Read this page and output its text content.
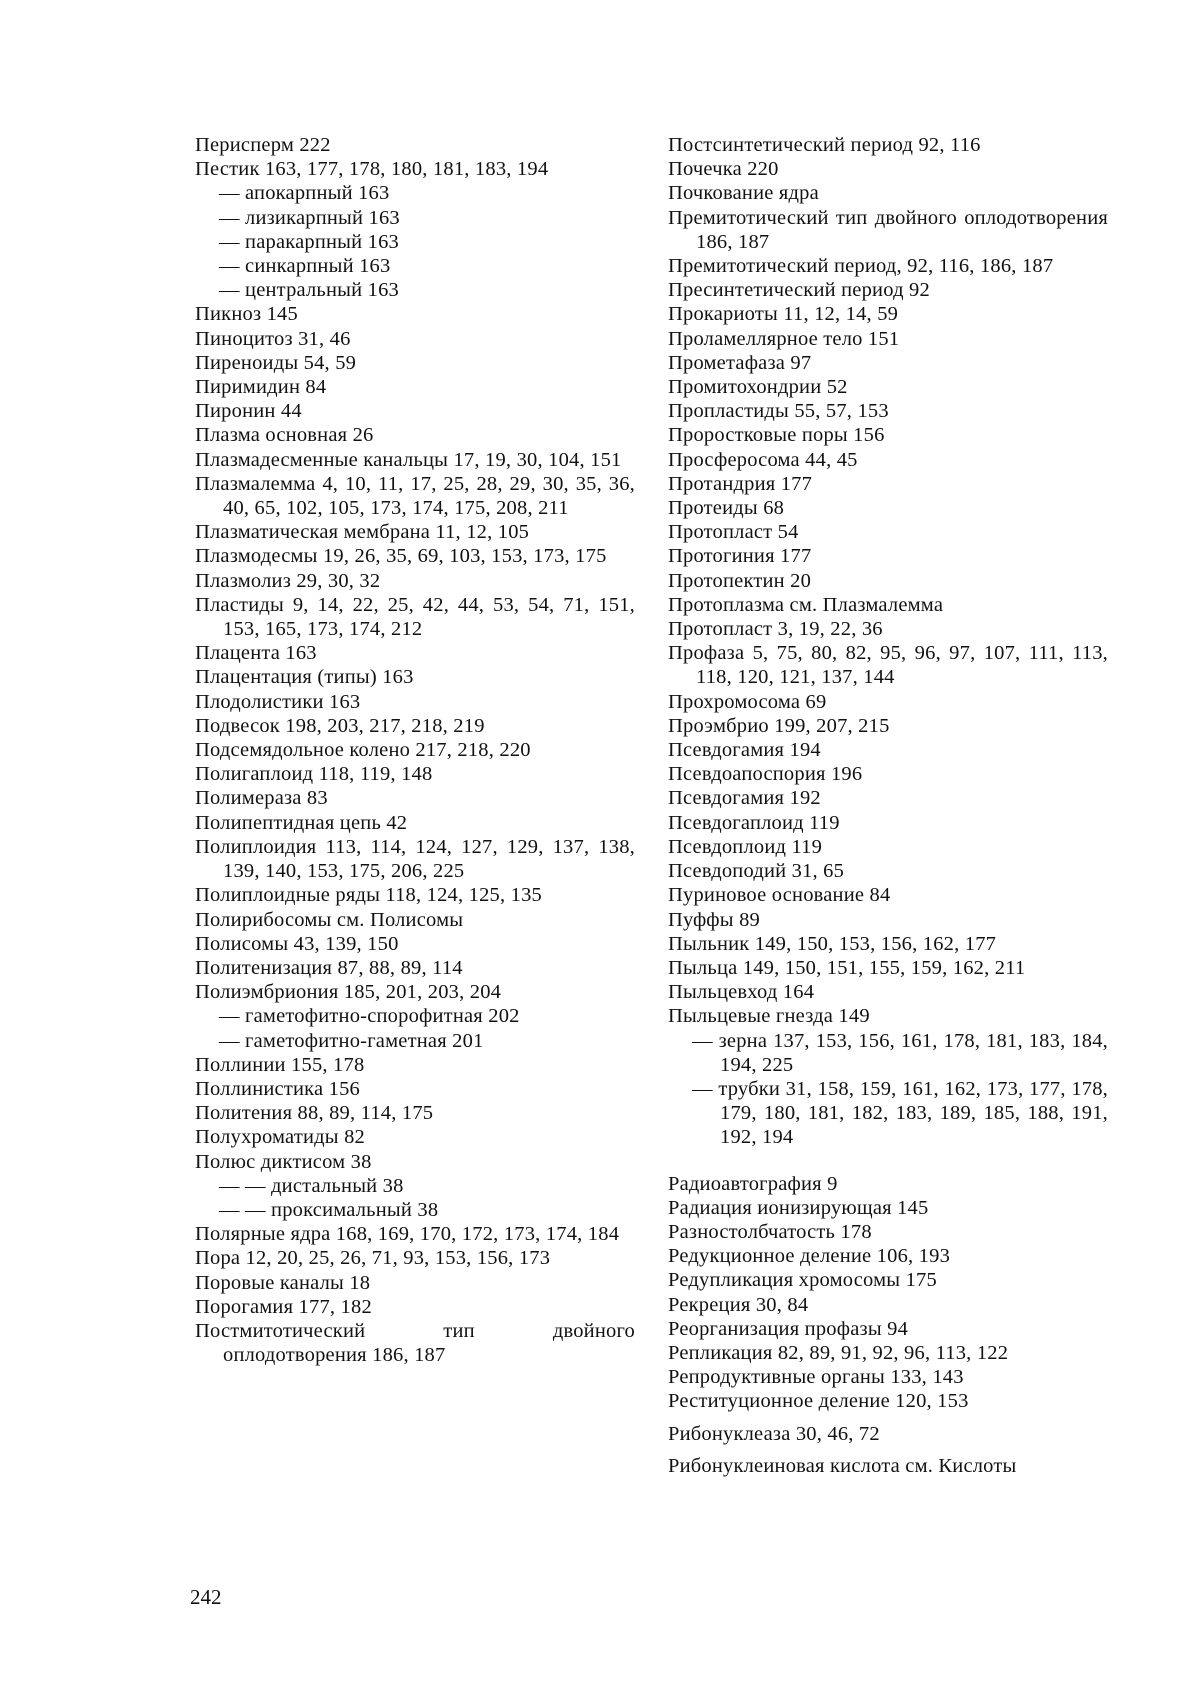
Перисперм 222
Пестик 163, 177, 178, 180, 181, 183, 194
— апокарпный 163
— лизикарпный 163
— паракарпный 163
— синкарпный 163
— центральный 163
Пикноз 145
Пиноцитоз 31, 46
Пиреноиды 54, 59
Пиримидин 84
Пиронин 44
Плазма основная 26
Плазмадесменные канальцы 17, 19, 30, 104, 151
Плазмалемма 4, 10, 11, 17, 25, 28, 29, 30, 35, 36, 40, 65, 102, 105, 173, 174, 175, 208, 211
Плазматическая мембрана 11, 12, 105
Плазмодесмы 19, 26, 35, 69, 103, 153, 173, 175
Плазмолиз 29, 30, 32
Пластиды 9, 14, 22, 25, 42, 44, 53, 54, 71, 151, 153, 165, 173, 174, 212
Плацента 163
Плацентация (типы) 163
Плодолистики 163
Подвесок 198, 203, 217, 218, 219
Подсемядольное колено 217, 218, 220
Полигаплоид 118, 119, 148
Полимераза 83
Полипептидная цепь 42
Полиплоидия 113, 114, 124, 127, 129, 137, 138, 139, 140, 153, 175, 206, 225
Полиплоидные ряды 118, 124, 125, 135
Полирибосомы см. Полисомы
Полисомы 43, 139, 150
Политенизация 87, 88, 89, 114
Полиэмбриония 185, 201, 203, 204
— гаметофитно-спорофитная 202
— гаметофитно-гаметная 201
Поллинии 155, 178
Поллинистика 156
Политения 88, 89, 114, 175
Полухроматиды 82
Полюс диктисом 38
— — дистальный 38
— — проксимальный 38
Полярные ядра 168, 169, 170, 172, 173, 174, 184
Пора 12, 20, 25, 26, 71, 93, 153, 156, 173
Поровые каналы 18
Порогамия 177, 182
Постмитотический тип двойного оплодотворения 186, 187
Постсинтетический период 92, 116
Почечка 220
Почкование ядра
Премитотический тип двойного оплодотворения 186, 187
Премитотический период, 92, 116, 186, 187
Пресинтетический период 92
Прокариоты 11, 12, 14, 59
Проламеллярное тело 151
Прометафаза 97
Промитохондрии 52
Пропластиды 55, 57, 153
Проростковые поры 156
Просферосома 44, 45
Протандрия 177
Протеиды 68
Протопласт 54
Протогиния 177
Протопектин 20
Протоплазма см. Плазмалемма
Протопласт 3, 19, 22, 36
Профаза 5, 75, 80, 82, 95, 96, 97, 107, 111, 113, 118, 120, 121, 137, 144
Прохромосома 69
Проэмбрио 199, 207, 215
Псевдогамия 194
Псевдоапоспория 196
Псевдогамия 192
Псевдогаплоид 119
Псевдоплоид 119
Псевдоподий 31, 65
Пуриновое основание 84
Пуффы 89
Пыльник 149, 150, 153, 156, 162, 177
Пыльца 149, 150, 151, 155, 159, 162, 211
Пыльцевход 164
Пыльцевые гнезда 149
— зерна 137, 153, 156, 161, 178, 181, 183, 184, 194, 225
— трубки 31, 158, 159, 161, 162, 173, 177, 178, 179, 180, 181, 182, 183, 189, 185, 188, 191, 192, 194
Радиоавтография 9
Радиация ионизирующая 145
Разностолбчатость 178
Редукционное деление 106, 193
Редупликация хромосомы 175
Рекреция 30, 84
Реорганизация профазы 94
Репликация 82, 89, 91, 92, 96, 113, 122
Репродуктивные органы 133, 143
Реституционное деление 120, 153
Рибонуклеаза 30, 46, 72
Рибонуклеиновая кислота см. Кислоты
242
